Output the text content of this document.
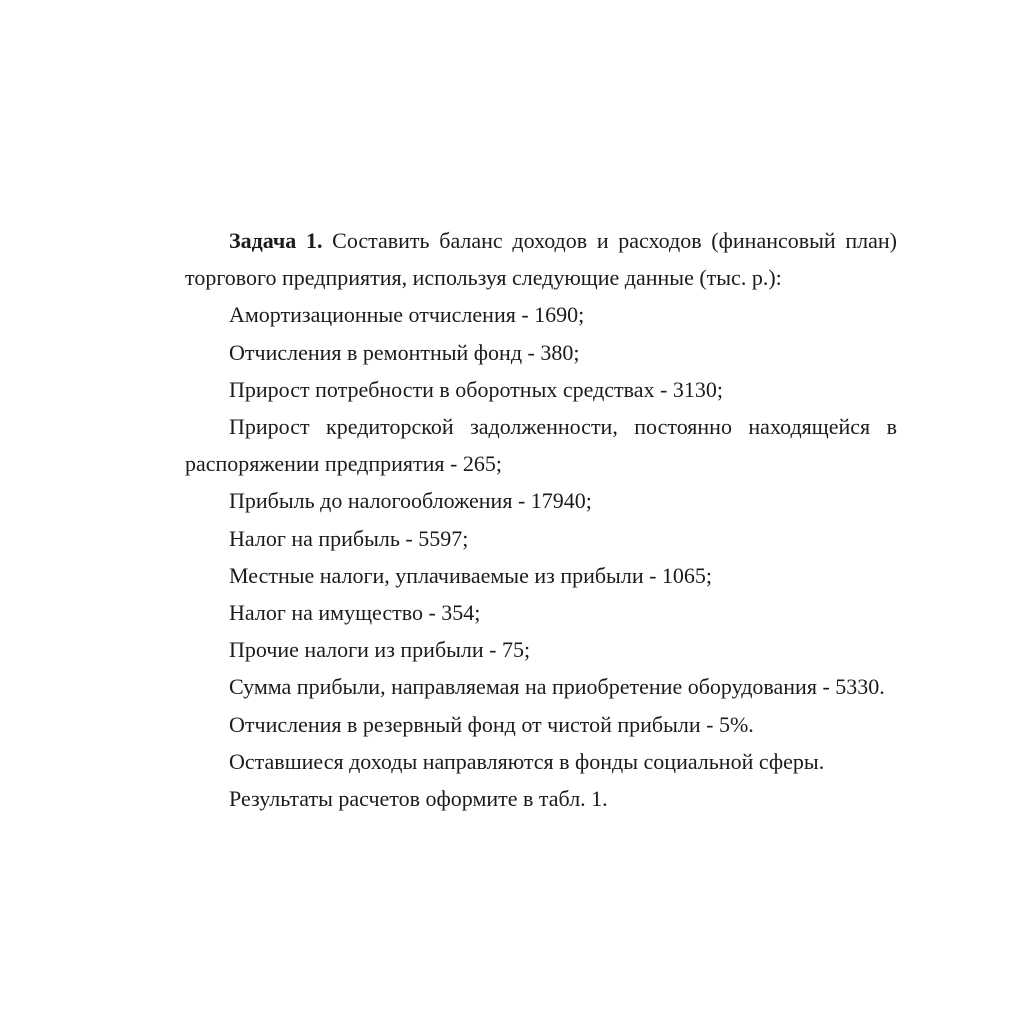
Задача 1. Составить баланс доходов и расходов (финансовый план)
торгового предприятия, используя следующие данные (тыс. р.):
Амортизационные отчисления - 1690;
Отчисления в ремонтный фонд - 380;
Прирост потребности в оборотных средствах - 3130;
Прирост кредиторской задолженности, постоянно находящейся в
распоряжении предприятия - 265;
Прибыль до налогообложения - 17940;
Налог на прибыль - 5597;
Местные налоги, уплачиваемые из прибыли - 1065;
Налог на имущество - 354;
Прочие налоги из прибыли - 75;
Сумма прибыли, направляемая на приобретение оборудования - 5330.
Отчисления в резервный фонд от чистой прибыли - 5%.
Оставшиеся доходы направляются в фонды социальной сферы.
Результаты расчетов оформите в табл. 1.
